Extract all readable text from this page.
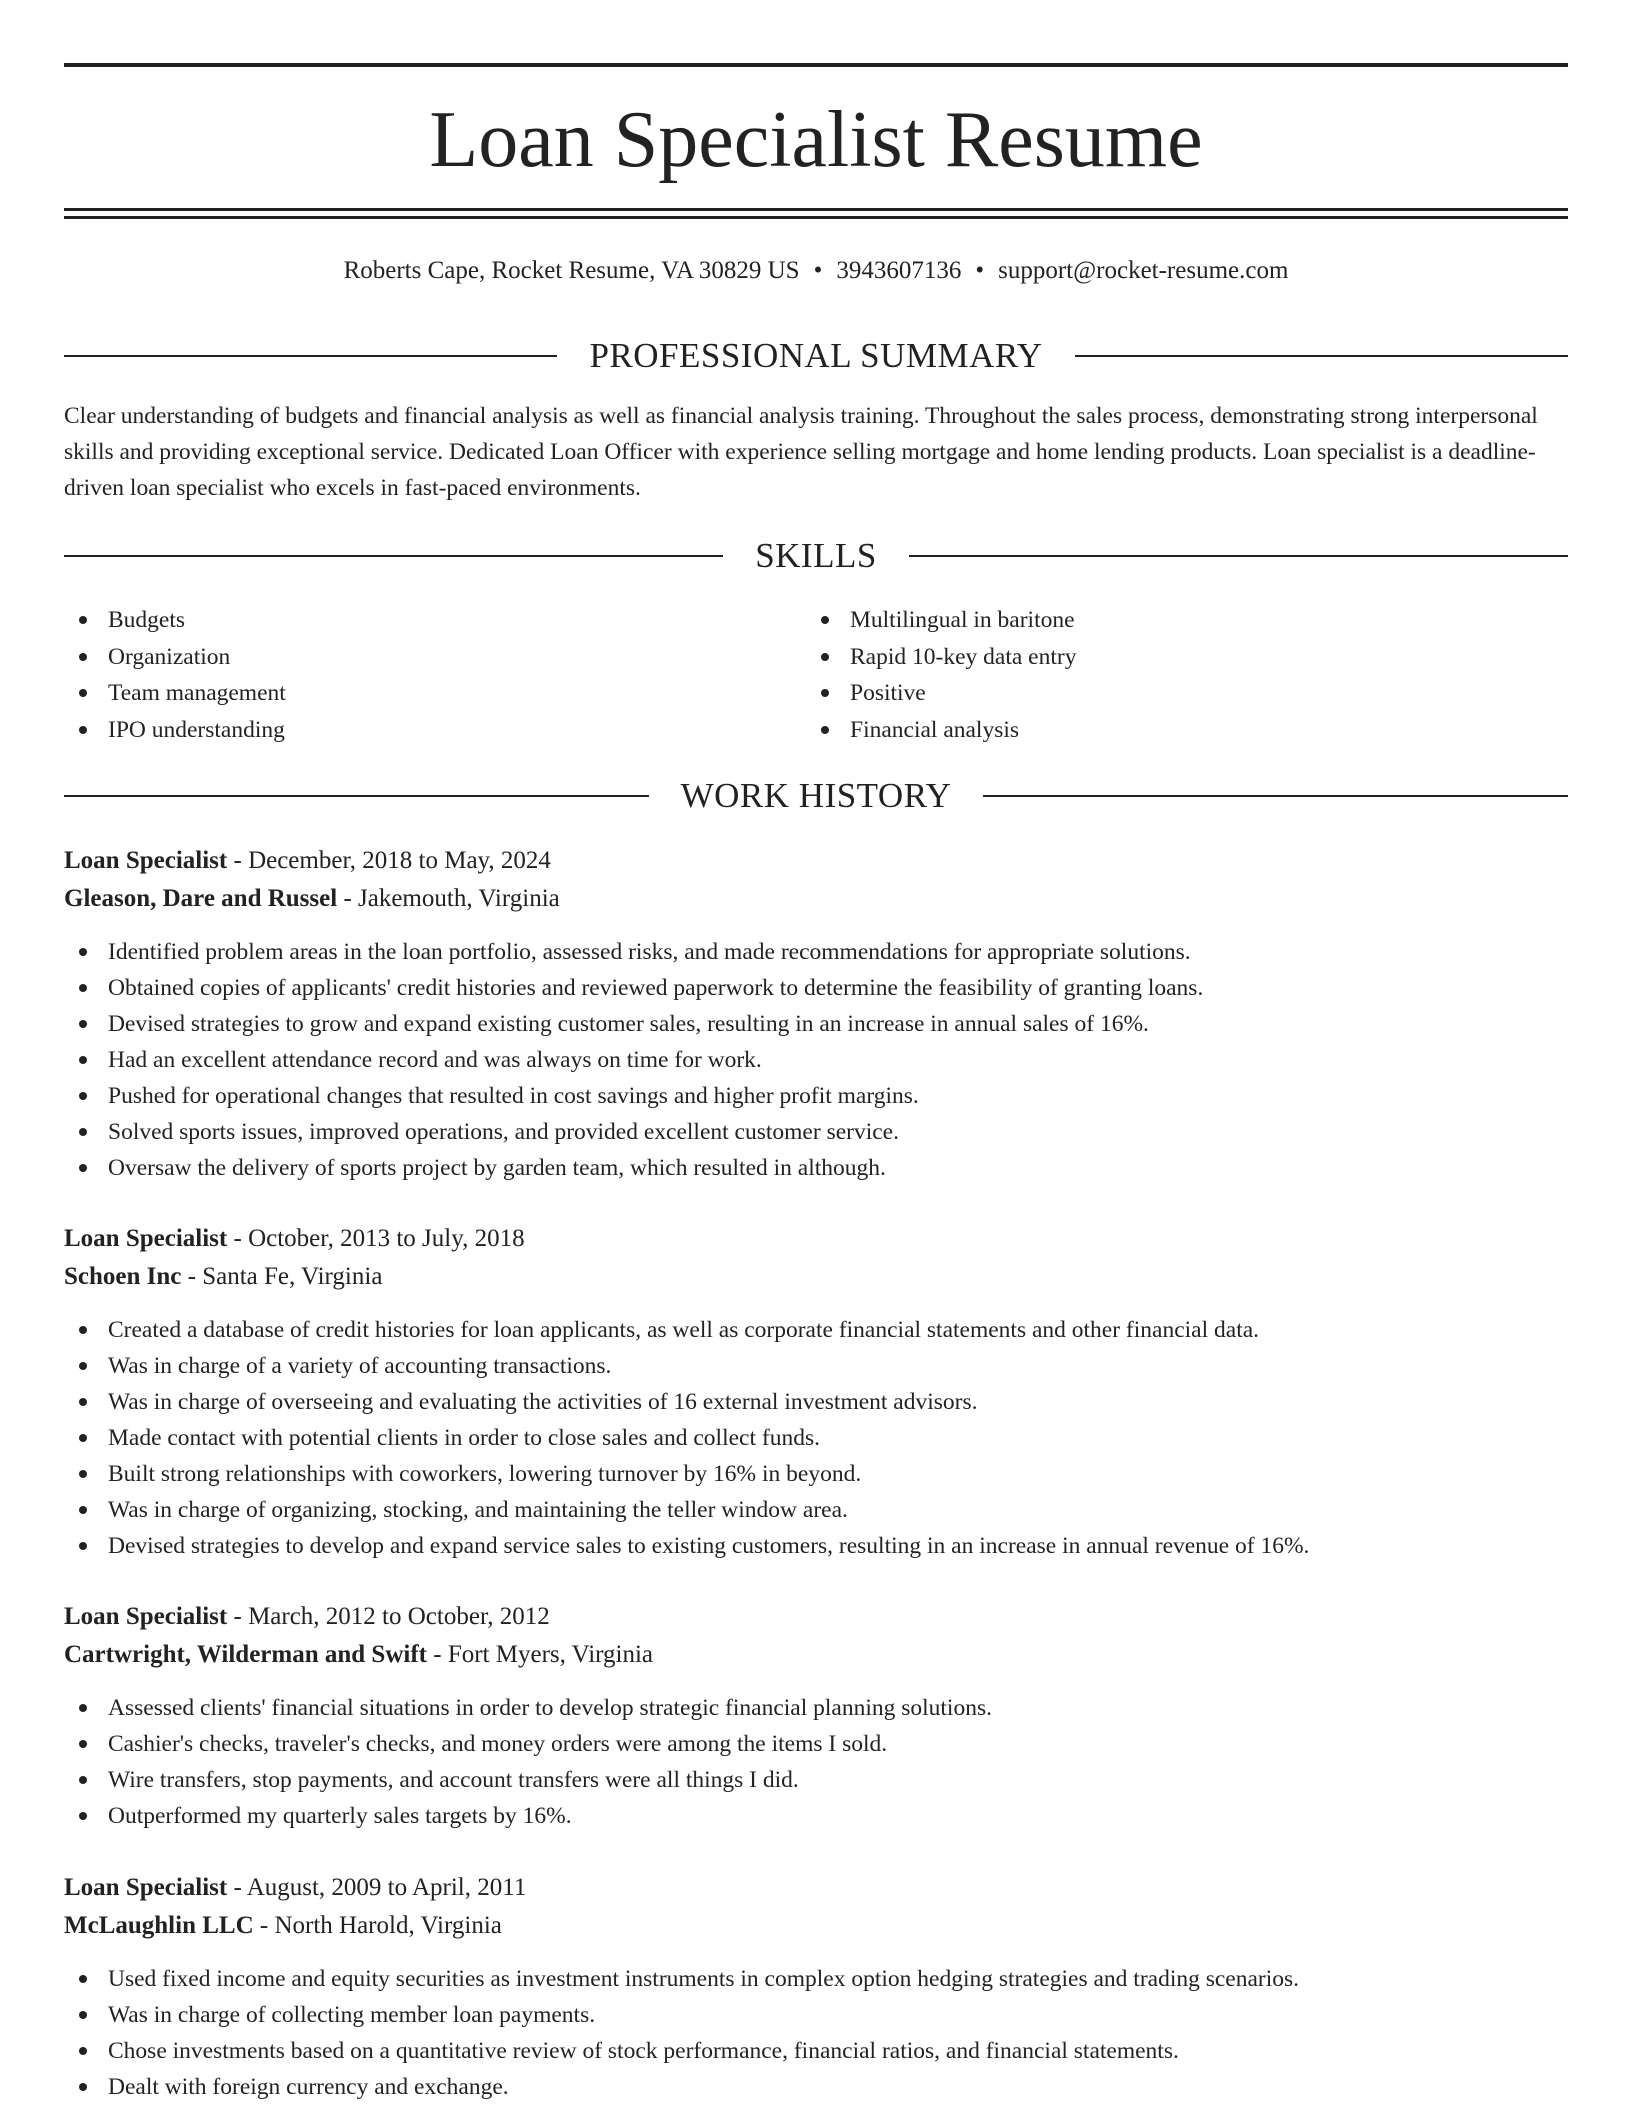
Loan Specialist Resume
Roberts Cape, Rocket Resume, VA 30829 US • 3943607136 • support@rocket-resume.com
PROFESSIONAL SUMMARY

Clear understanding of budgets and financial analysis as well as financial analysis training. Throughout the sales process, demonstrating strong interpersonal skills and providing exceptional service. Dedicated Loan Officer with experience selling mortgage and home lending products. Loan specialist is a deadline-driven loan specialist who excels in fast-paced environments.

SKILLS
Budgets
Organization
Team management
IPO understanding
Multilingual in baritone
Rapid 10-key data entry
Positive
Financial analysis
WORK HISTORY
Loan Specialist - December, 2018 to May, 2024
Gleason, Dare and Russel - Jakemouth, Virginia
Identified problem areas in the loan portfolio, assessed risks, and made recommendations for appropriate solutions.
Obtained copies of applicants' credit histories and reviewed paperwork to determine the feasibility of granting loans.
Devised strategies to grow and expand existing customer sales, resulting in an increase in annual sales of 16%.
Had an excellent attendance record and was always on time for work.
Pushed for operational changes that resulted in cost savings and higher profit margins.
Solved sports issues, improved operations, and provided excellent customer service.
Oversaw the delivery of sports project by garden team, which resulted in although.
Loan Specialist - October, 2013 to July, 2018
Schoen Inc - Santa Fe, Virginia
Created a database of credit histories for loan applicants, as well as corporate financial statements and other financial data.
Was in charge of a variety of accounting transactions.
Was in charge of overseeing and evaluating the activities of 16 external investment advisors.
Made contact with potential clients in order to close sales and collect funds.
Built strong relationships with coworkers, lowering turnover by 16% in beyond.
Was in charge of organizing, stocking, and maintaining the teller window area.
Devised strategies to develop and expand service sales to existing customers, resulting in an increase in annual revenue of 16%.
Loan Specialist - March, 2012 to October, 2012
Cartwright, Wilderman and Swift - Fort Myers, Virginia
Assessed clients' financial situations in order to develop strategic financial planning solutions.
Cashier's checks, traveler's checks, and money orders were among the items I sold.
Wire transfers, stop payments, and account transfers were all things I did.
Outperformed my quarterly sales targets by 16%.
Loan Specialist - August, 2009 to April, 2011
McLaughlin LLC - North Harold, Virginia
Used fixed income and equity securities as investment instruments in complex option hedging strategies and trading scenarios.
Was in charge of collecting member loan payments.
Chose investments based on a quantitative review of stock performance, financial ratios, and financial statements.
Dealt with foreign currency and exchange.
